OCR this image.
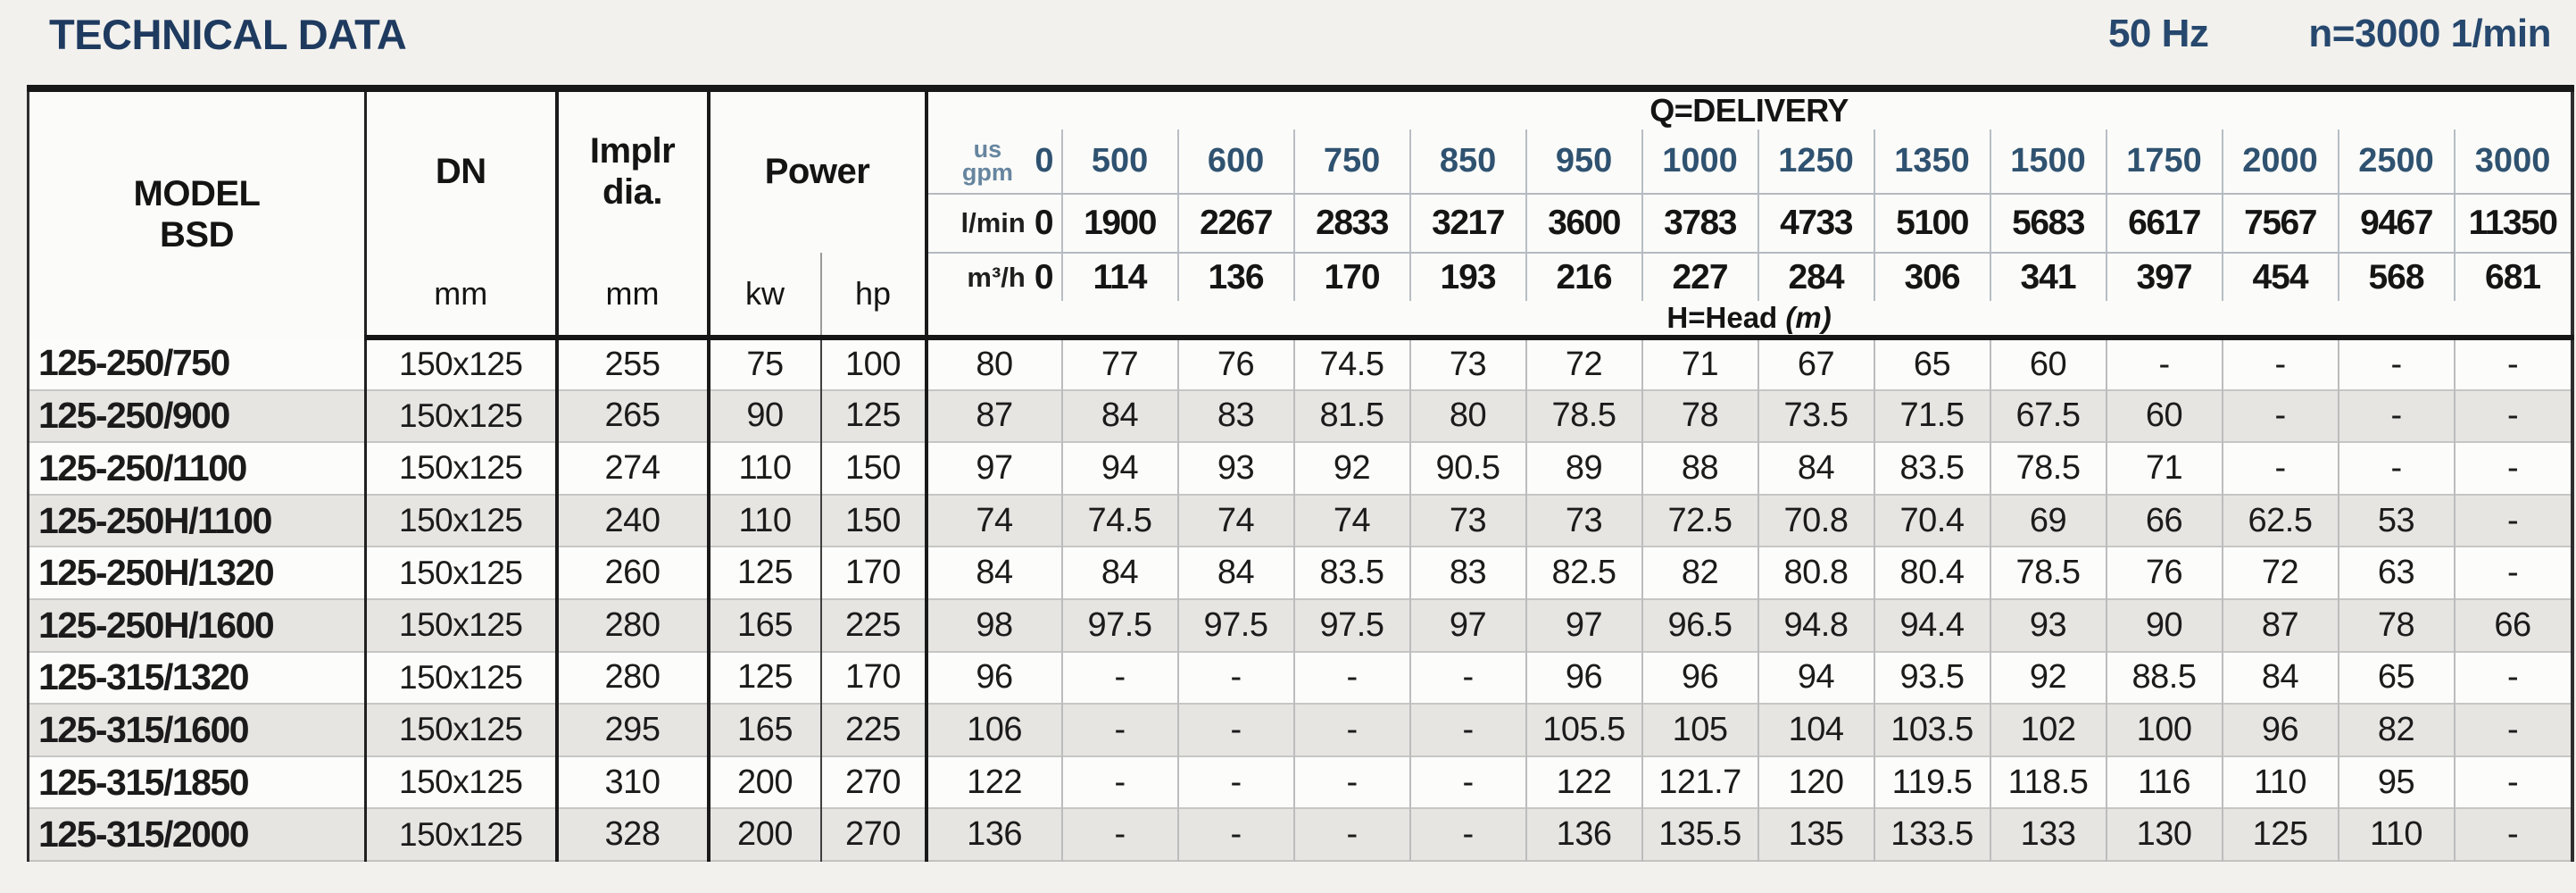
TECHNICAL DATA	50 Hz	n=3000 1/min
MODEL
BSD
	DN	
Implr
dia.
	Power	Q=DELIVERY
					us gpm 0	500	600	750	850	950	1000	1250	1350	1500	1750	2000	2500	3000
					l/min 0	1900	2267	2833	3217	3600	3783	4733	5100	5683	6617	7567	9467	11350
	mm	mm	kw	hp	m³/h 0	114	136	170	193	216	227	284	306	341	397	454	568	681
					H=Head (m)													
125-250/750	150x125	255	75	100	80	77	76	74.5	73	72	71	67	65	60	-	-	-	-
125-250/900	150x125	265	90	125	87	84	83	81.5	80	78.5	78	73.5	71.5	67.5	60	-	-	-
125-250/1100	150x125	274	110	150	97	94	93	92	90.5	89	88	84	83.5	78.5	71	-	-	-
125-250H/1100	150x125	240	110	150	74	74.5	74	74	73	73	72.5	70.8	70.4	69	66	62.5	53	-
125-250H/1320	150x125	260	125	170	84	84	84	83.5	83	82.5	82	80.8	80.4	78.5	76	72	63	-
125-250H/1600	150x125	280	165	225	98	97.5	97.5	97.5	97	97	96.5	94.8	94.4	93	90	87	78	66
125-315/1320	150x125	280	125	170	96	-	-	-	-	96	96	94	93.5	92	88.5	84	65	-
125-315/1600	150x125	295	165	225	106	-	-	-	-	105.5	105	104	103.5	102	100	96	82	-
125-315/1850	150x125	310	200	270	122	-	-	-	-	122	121.7	120	119.5	118.5	116	110	95	-
125-315/2000	150x125	328	200	270	136	-	-	-	-	136	135.5	135	133.5	133	130	125	110	-
